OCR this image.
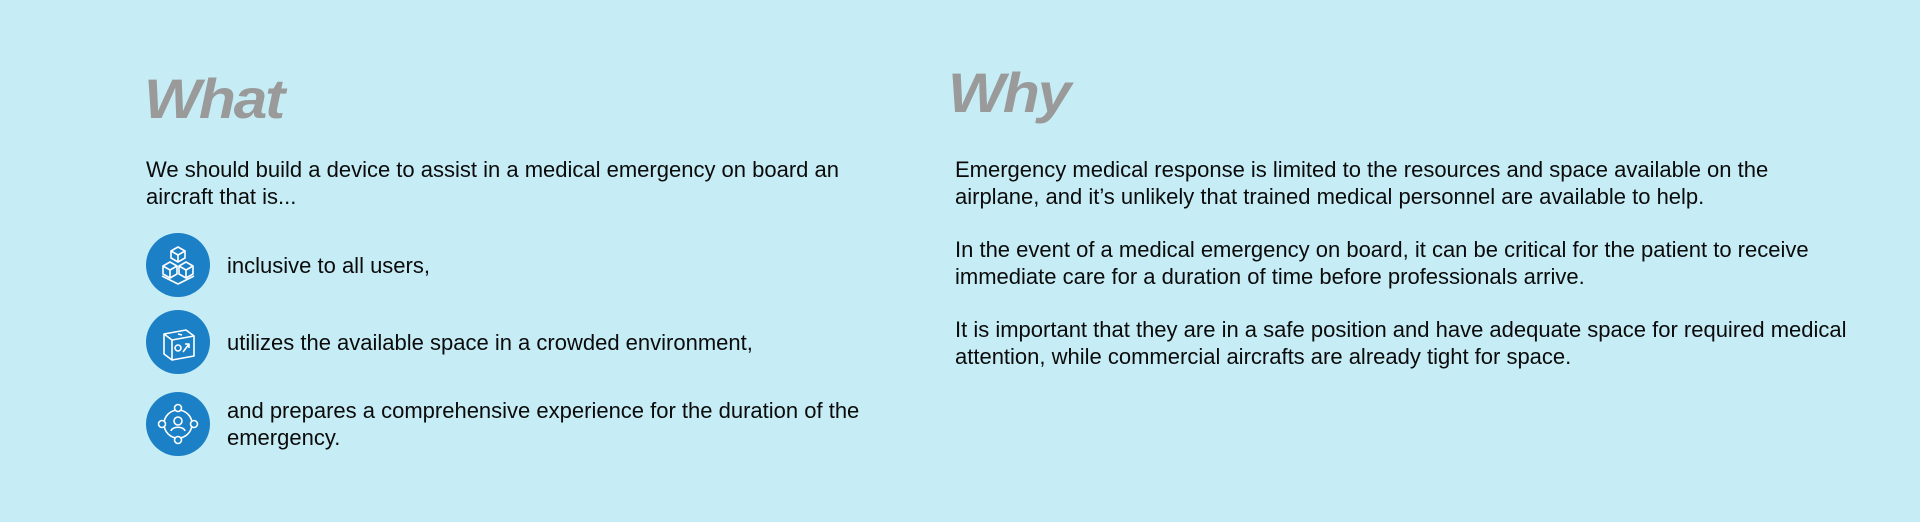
What

We should build a device to assist in a medical emergency on board an aircraft that is...

inclusive to all users,
utilizes the available space in a crowded environment,
and prepares a comprehensive experience for the duration of the emergency.
Why

Emergency medical response is limited to the resources and space available on the airplane, and it’s unlikely that trained medical personnel are available to help.

In the event of a medical emergency on board, it can be critical for the patient to receive immediate care for a duration of time before professionals arrive.

It is important that they are in a safe position and have adequate space for required medical attention, while commercial aircrafts are already tight for space.
